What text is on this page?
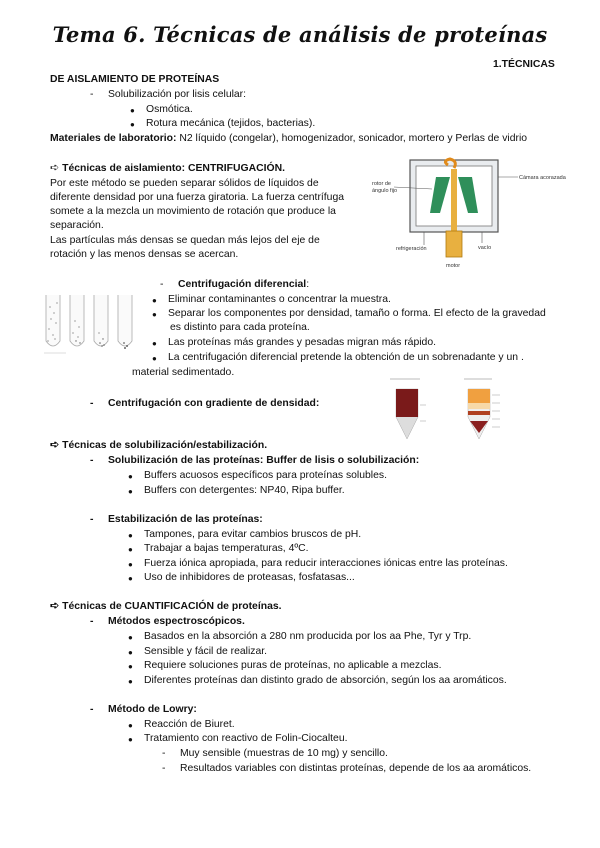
Tema 6. Técnicas de análisis de proteínas
1.TÉCNICAS
DE AISLAMIENTO DE PROTEÍNAS
- Solubilización por lisis celular:
● Osmótica.
● Rotura mecánica (tejidos, bacterias).
Materiales de laboratorio: N2 líquido (congelar), homogenizador, sonicador, mortero y Perlas de vidrio
➪ Técnicas de aislamiento: CENTRIFUGACIÓN.
Por este método se pueden separar sólidos de líquidos de
diferente densidad por una fuerza giratoria. La fuerza centrífuga
somete a la mezcla un movimiento de rotación que produce la
separación.
Las partículas más densas se quedan más lejos del eje de
rotación y las menos densas se acercan.
Cámara acorazada
rotor de
ángulo fijo
refrigeración	vacío
motor
- Centrifugación diferencial:
● Eliminar contaminantes o concentrar la muestra.
● Separar los componentes por densidad, tamaño o forma. El efecto de la gravedad
es distinto para cada proteína.
● Las proteínas más grandes y pesadas migran más rápido.
● La centrifugación diferencial pretende la obtención de un sobrenadante y un .
material sedimentado.
- Centrifugación con gradiente de densidad:
➪ Técnicas de solubilización/estabilización.
- Solubilización de las proteínas: Buffer de lisis o solubilización:
● Buffers acuosos específicos para proteínas solubles.
● Buffers con detergentes: NP40, Ripa buffer.
- Estabilización de las proteínas:
● Tampones, para evitar cambios bruscos de pH.
● Trabajar a bajas temperaturas, 4ºC.
● Fuerza iónica apropiada, para reducir interacciones iónicas entre las proteínas.
● Uso de inhibidores de proteasas, fosfatasas...
➪ Técnicas de CUANTIFICACIÓN de proteínas.
- Métodos espectroscópicos.
● Basados en la absorción a 280 nm producida por los aa Phe, Tyr y Trp.
● Sensible y fácil de realizar.
● Requiere soluciones puras de proteínas, no aplicable a mezclas.
● Diferentes proteínas dan distinto grado de absorción, según los aa aromáticos.
- Método de Lowry:
● Reacción de Biuret.
● Tratamiento con reactivo de Folin-Ciocalteu.
- Muy sensible (muestras de 10 mg) y sencillo.
- Resultados variables con distintas proteínas, depende de los aa aromáticos.
